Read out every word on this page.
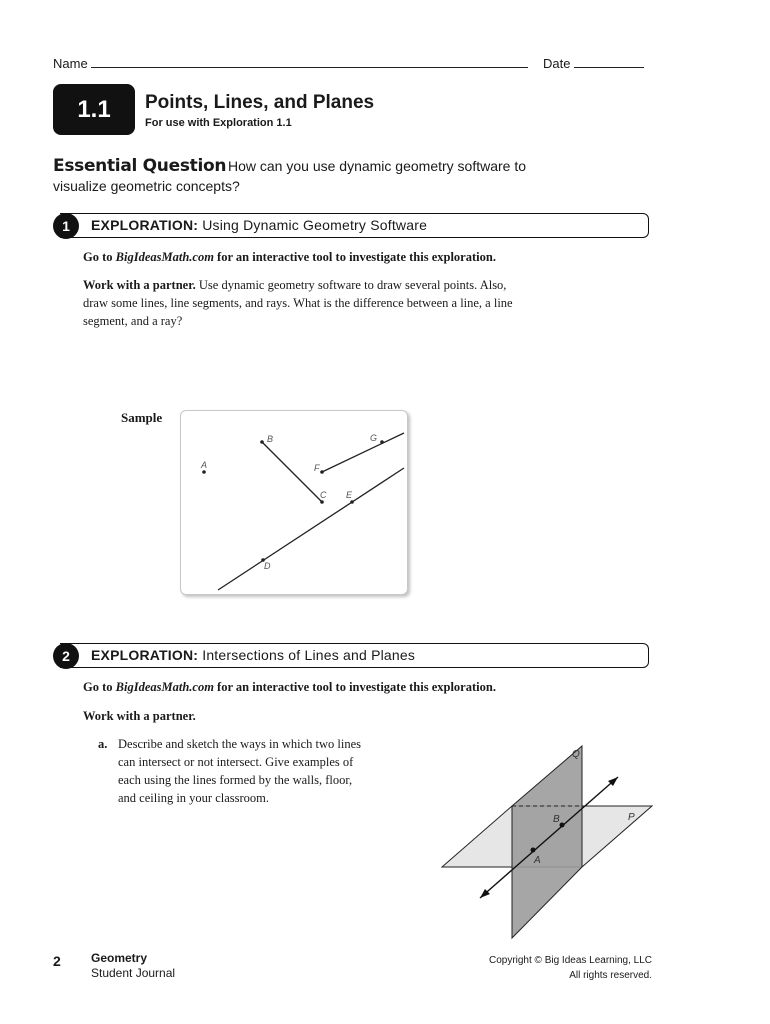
Name	Date
1.1 Points, Lines, and Planes
For use with Exploration 1.1
Essential Question How can you use dynamic geometry software to
visualize geometric concepts?
1 EXPLORATION: Using Dynamic Geometry Software
Go to BigIdeasMath.com for an interactive tool to investigate this exploration.
Work with a partner. Use dynamic geometry software to draw several points. Also,
draw some lines, line segments, and rays. What is the difference between a line, a line
segment, and a ray?
Sample
A
B
C
D
E
F
G
2 EXPLORATION: Intersections of Lines and Planes
Go to BigIdeasMath.com for an interactive tool to investigate this exploration.
Work with a partner.
a. Describe and sketch the ways in which two lines
can intersect or not intersect. Give examples of
each using the lines formed by the walls, floor,
and ceiling in your classroom.
Q
P
A
B
2	Geometry
Student Journal
Copyright © Big Ideas Learning, LLC
All rights reserved.
